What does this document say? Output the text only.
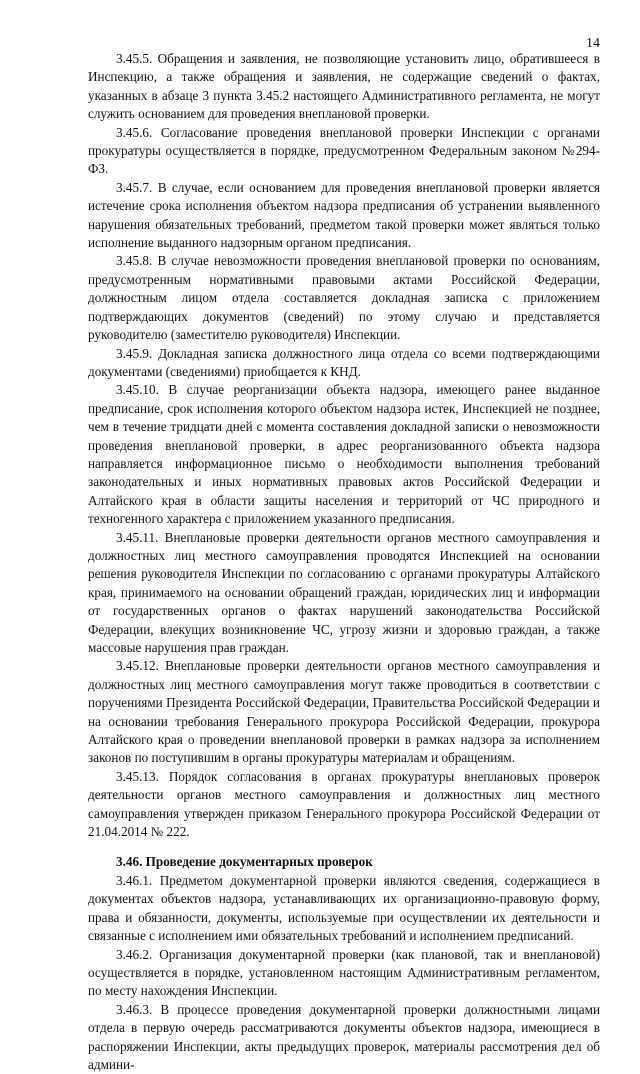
14

3.45.5. Обращения и заявления, не позволяющие установить лицо, обратившееся в Инспекцию, а также обращения и заявления, не содержащие сведений о фактах, указанных в абзаце 3 пункта 3.45.2 настоящего Административного регламента, не могут служить основанием для проведения внеплановой проверки.

3.45.6. Согласование проведения внеплановой проверки Инспекции с органами прокуратуры осуществляется в порядке, предусмотренном Федеральным законом №294-ФЗ.

3.45.7. В случае, если основанием для проведения внеплановой проверки является истечение срока исполнения объектом надзора предписания об устранении выявленного нарушения обязательных требований, предметом такой проверки может являться только исполнение выданного надзорным органом предписания.

3.45.8. В случае невозможности проведения внеплановой проверки по основаниям, предусмотренным нормативными правовыми актами Российской Федерации, должностным лицом отдела составляется докладная записка с приложением подтверждающих документов (сведений) по этому случаю и представляется руководителю (заместителю руководителя) Инспекции.

3.45.9. Докладная записка должностного лица отдела со всеми подтверждающими документами (сведениями) приобщается к КНД.

3.45.10. В случае реорганизации объекта надзора, имеющего ранее выданное предписание, срок исполнения которого объектом надзора истек, Инспекцией не позднее, чем в течение тридцати дней с момента составления докладной записки о невозможности проведения внеплановой проверки, в адрес реорганизованного объекта надзора направляется информационное письмо о необходимости выполнения требований законодательных и иных нормативных правовых актов Российской Федерации и Алтайского края в области защиты населения и территорий от ЧС природного и техногенного характера с приложением указанного предписания.

3.45.11. Внеплановые проверки деятельности органов местного самоуправления и должностных лиц местного самоуправления проводятся Инспекцией на основании решения руководителя Инспекции по согласованию с органами прокуратуры Алтайского края, принимаемого на основании обращений граждан, юридических лиц и информации от государственных органов о фактах нарушений законодательства Российской Федерации, влекущих возникновение ЧС, угрозу жизни и здоровью граждан, а также массовые нарушения прав граждан.

3.45.12. Внеплановые проверки деятельности органов местного самоуправления и должностных лиц местного самоуправления могут также проводиться в соответствии с поручениями Президента Российской Федерации, Правительства Российской Федерации и на основании требования Генерального прокурора Российской Федерации, прокурора Алтайского края о проведении внеплановой проверки в рамках надзора за исполнением законов по поступившим в органы прокуратуры материалам и обращениям.

3.45.13. Порядок согласования в органах прокуратуры внеплановых проверок деятельности органов местного самоуправления и должностных лиц местного самоуправления утвержден приказом Генерального прокурора Российской Федерации от 21.04.2014 № 222.

3.46. Проведение документарных проверок

3.46.1. Предметом документарной проверки являются сведения, содержащиеся в документах объектов надзора, устанавливающих их организационно-правовую форму, права и обязанности, документы, используемые при осуществлении их деятельности и связанные с исполнением ими обязательных требований и исполнением предписаний.

3.46.2. Организация документарной проверки (как плановой, так и внеплановой) осуществляется в порядке, установленном настоящим Административным регламентом, по месту нахождения Инспекции.

3.46.3. В процессе проведения документарной проверки должностными лицами отдела в первую очередь рассматриваются документы объектов надзора, имеющиеся в распоряжении Инспекции, акты предыдущих проверок, материалы рассмотрения дел об админи-
